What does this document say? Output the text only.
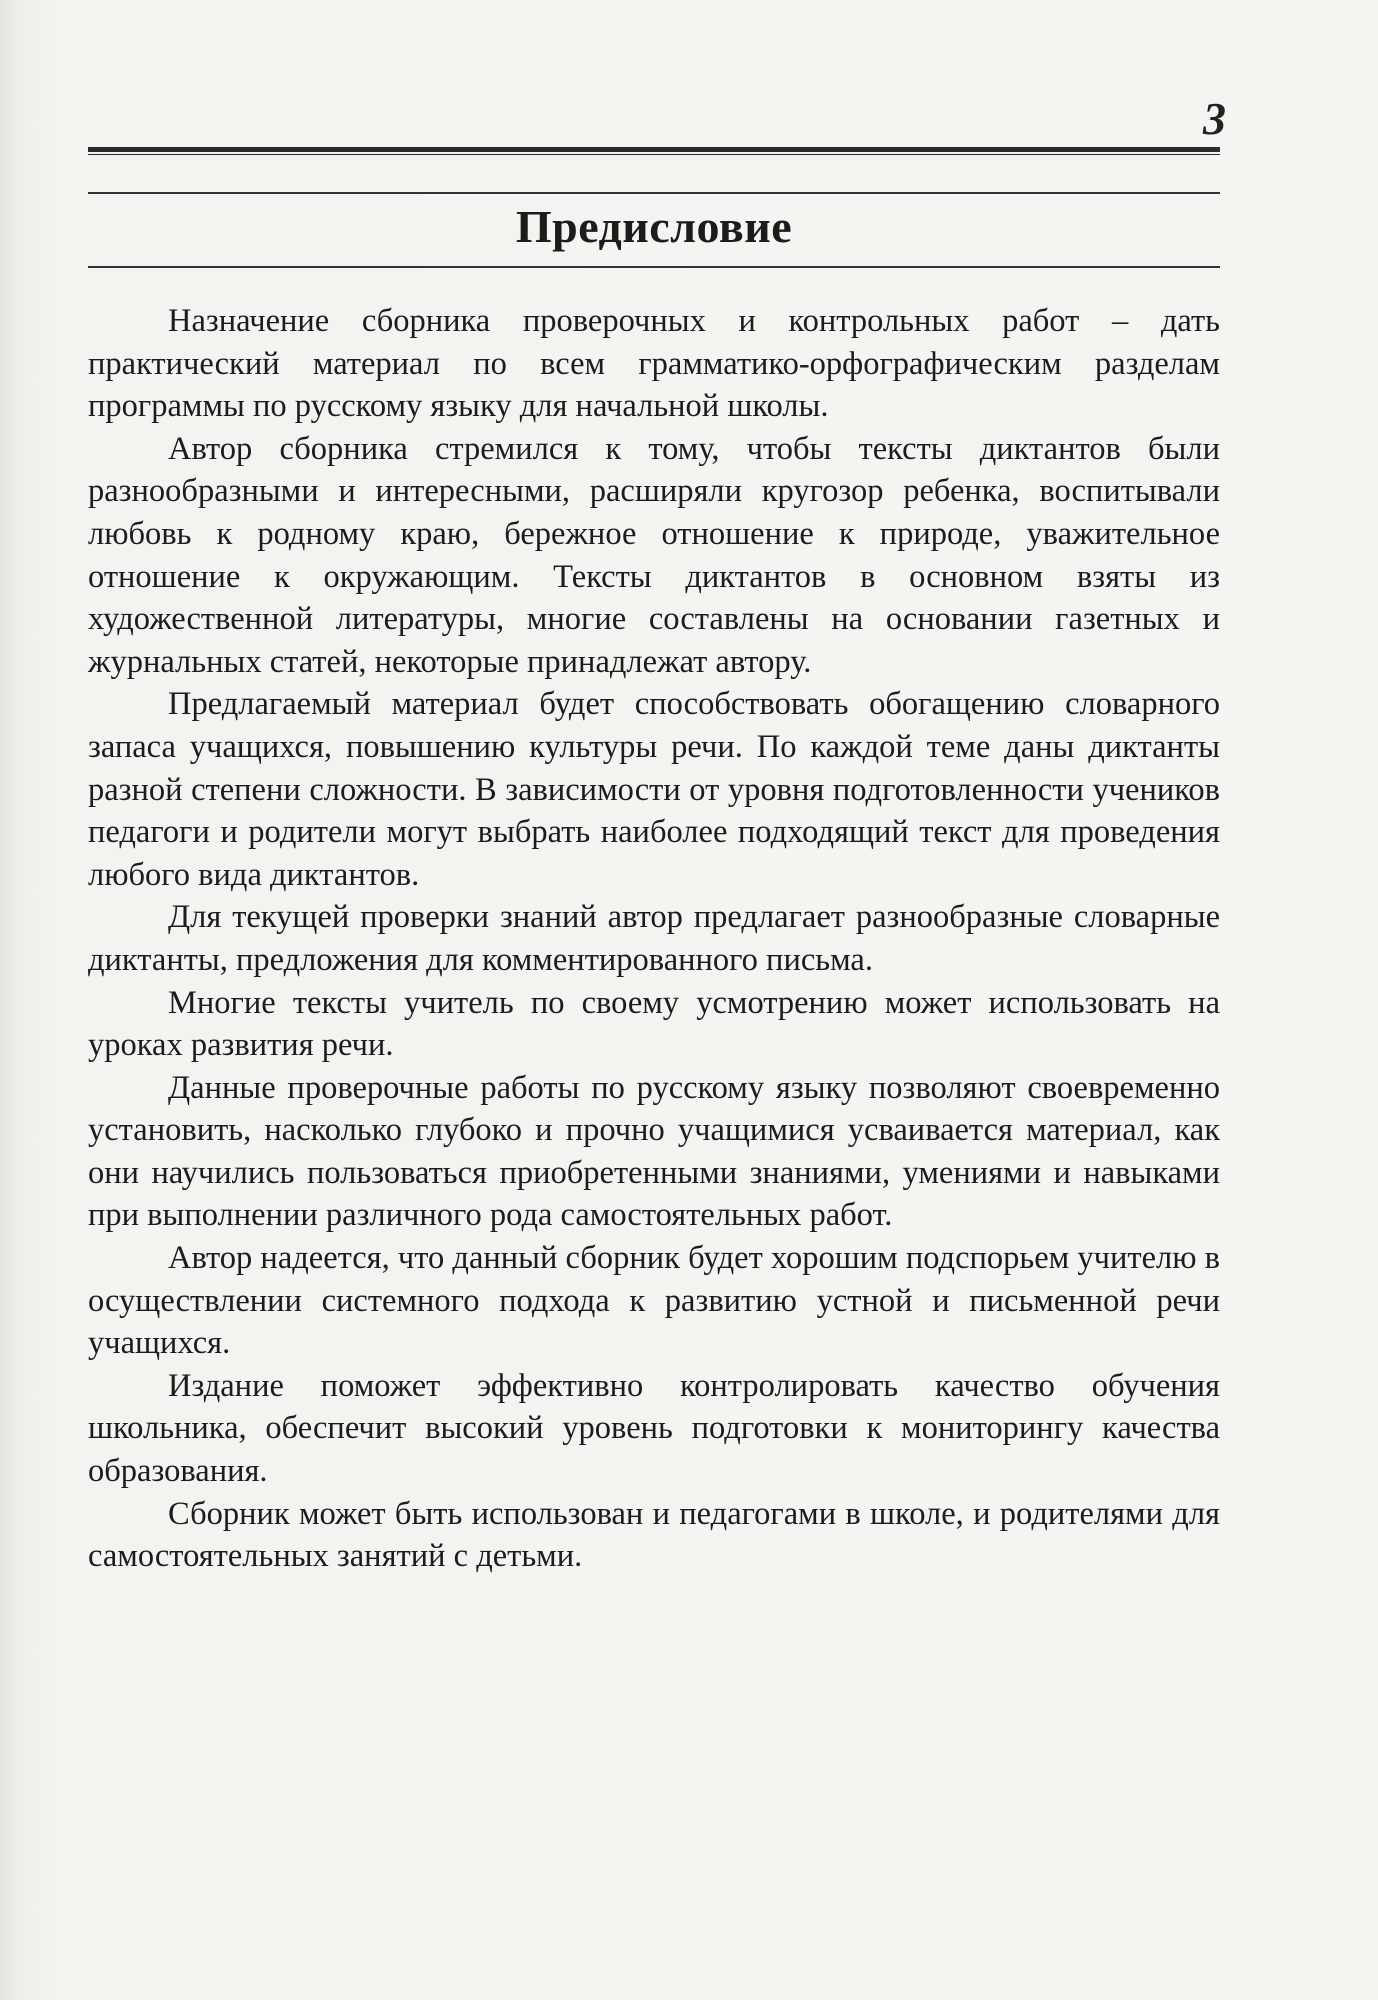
3
Предисловие

Назначение сборника проверочных и контрольных работ – дать практический материал по всем грамматико-орфографическим разделам программы по русскому языку для начальной школы.

Автор сборника стремился к тому, чтобы тексты диктантов были разнообразными и интересными, расширяли кругозор ребенка, воспитывали любовь к родному краю, бережное отношение к природе, уважительное отношение к окружающим. Тексты диктантов в основном взяты из художественной литературы, многие составлены на основании газетных и журнальных статей, некоторые принадлежат автору.

Предлагаемый материал будет способствовать обогащению словарного запаса учащихся, повышению культуры речи. По каждой теме даны диктанты разной степени сложности. В зависимости от уровня подготовленности учеников педагоги и родители могут выбрать наиболее подходящий текст для проведения любого вида диктантов.

Для текущей проверки знаний автор предлагает разнообразные словарные диктанты, предложения для комментированного письма.

Многие тексты учитель по своему усмотрению может использовать на уроках развития речи.

Данные проверочные работы по русскому языку позволяют своевременно установить, насколько глубоко и прочно учащимися усваивается материал, как они научились пользоваться приобретенными знаниями, умениями и навыками при выполнении различного рода самостоятельных работ.

Автор надеется, что данный сборник будет хорошим подспорьем учителю в осуществлении системного подхода к развитию устной и письменной речи учащихся.

Издание поможет эффективно контролировать качество обучения школьника, обеспечит высокий уровень подготовки к мониторингу качества образования.

Сборник может быть использован и педагогами в школе, и родителями для самостоятельных занятий с детьми.
